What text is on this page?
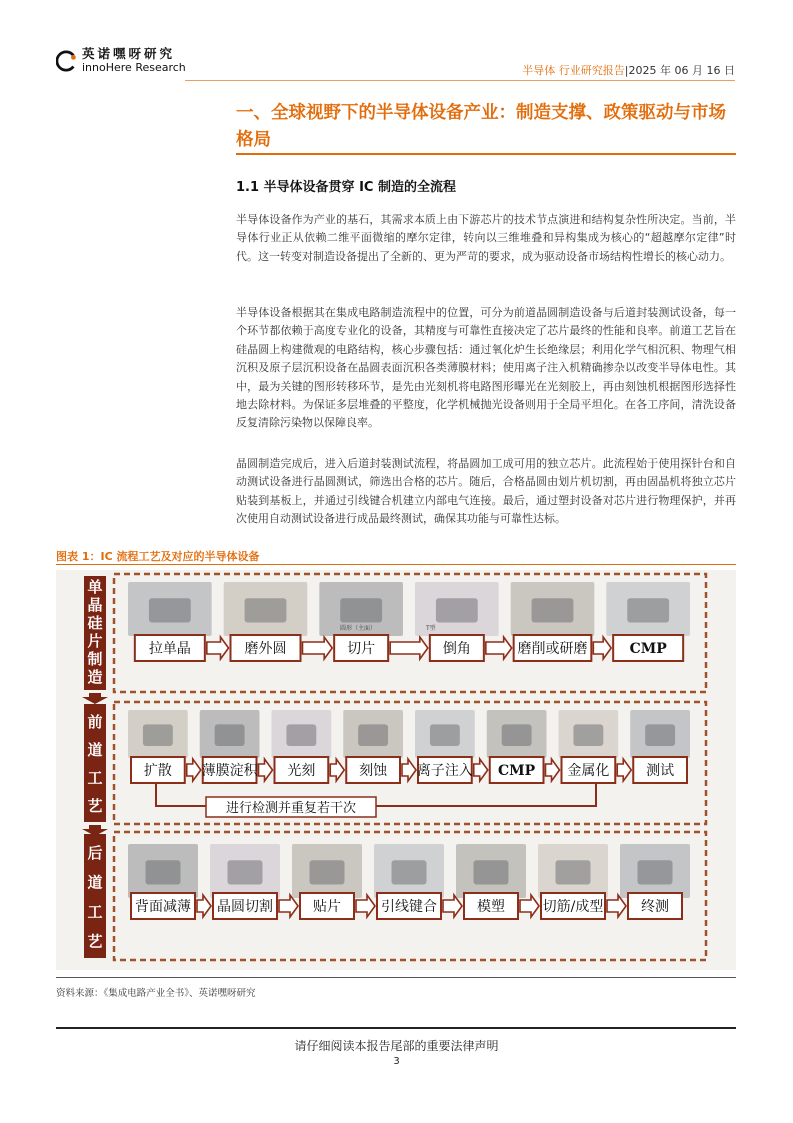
英诺嘿呀研究
innoHere Research	半导体 行业研究报告|2025 年 06 月 16 日
一、全球视野下的半导体设备产业：制造支撑、政策驱动与市场格局
1.1 半导体设备贯穿 IC 制造的全流程
半导体设备作为产业的基石，其需求本质上由下游芯片的技术节点演进和结构复杂性所决定。当前，半导体行业正从依赖二维平面微缩的摩尔定律，转向以三维堆叠和异构集成为核心的“超越摩尔定律”时代。这一转变对制造设备提出了全新的、更为严苛的要求，成为驱动设备市场结构性增长的核心动力。
半导体设备根据其在集成电路制造流程中的位置，可分为前道晶圆制造设备与后道封装测试设备，每一个环节都依赖于高度专业化的设备，其精度与可靠性直接决定了芯片最终的性能和良率。前道工艺旨在硅晶圆上构建微观的电路结构，核心步骤包括：通过氧化炉生长绝缘层；利用化学气相沉积、物理气相沉积及原子层沉积设备在晶圆表面沉积各类薄膜材料；使用离子注入机精确掺杂以改变半导体电性。其中，最为关键的图形转移环节，是先由光刻机将电路图形曝光在光刻胶上，再由刻蚀机根据图形选择性地去除材料。为保证多层堆叠的平整度，化学机械抛光设备则用于全局平坦化。在各工序间，清洗设备反复清除污染物以保障良率。
晶圆制造完成后，进入后道封装测试流程，将晶圆加工成可用的独立芯片。此流程始于使用探针台和自动测试设备进行晶圆测试，筛选出合格的芯片。随后，合格晶圆由划片机切割，再由固晶机将独立芯片贴装到基板上，并通过引线键合机建立内部电气连接。最后，通过塑封设备对芯片进行物理保护，并再次使用自动测试设备进行成品最终测试，确保其功能与可靠性达标。
图表 1：IC 流程工艺及对应的半导体设备
单
晶
硅
片
制
造
拉单晶	磨外圆	切片	倒角	磨削或研磨	CMP
圆形（主面）	T型
前
道
工
艺
扩散 薄膜淀积 光刻	刻蚀 离子注入 CMP 金属化	测试
进行检测并重复若干次
后
道
工
艺
背面减薄 晶圆切割	贴片	引线键合	模塑	切筋/成型	终测
资料来源：《集成电路产业全书》、英诺嘿呀研究
请仔细阅读本报告尾部的重要法律声明
3
